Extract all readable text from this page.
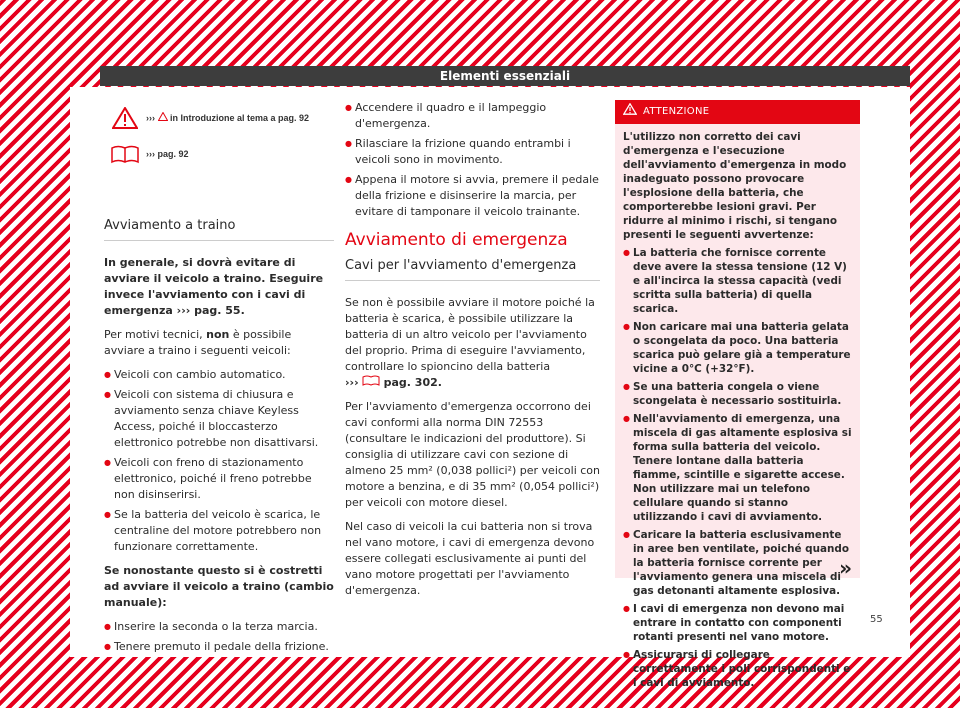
Elementi essenziali
›››

in Introduzione al tema a pag. 92
›››
pag. 92
Avviamento a traino

In generale, si dovrà evitare di avviare il veicolo a traino. Eseguire invece l'avviamento con i cavi di emergenza ››› pag. 55.

Per motivi tecnici, non è possibile avviare a traino i seguenti veicoli:

● Veicoli con cambio automatico.
● Veicoli con sistema di chiusura e avviamento senza chiave Keyless Access, poiché il bloccasterzo elettronico potrebbe non disattivarsi.
● Veicoli con freno di stazionamento elettronico, poiché il freno potrebbe non disinserirsi.
● Se la batteria del veicolo è scarica, le centraline del motore potrebbero non funzionare correttamente.

Se nonostante questo si è costretti ad avviare il veicolo a traino (cambio manuale):

● Inserire la seconda o la terza marcia.
● Tenere premuto il pedale della frizione.
● Accendere il quadro e il lampeggio d'emergenza.
● Rilasciare la frizione quando entrambi i veicoli sono in movimento.
● Appena il motore si avvia, premere il pedale della frizione e disinserire la marcia, per evitare di tamponare il veicolo trainante.
Avviamento di emergenza
Cavi per l'avviamento d'emergenza

Se non è possibile avviare il motore poiché la batteria è scarica, è possibile utilizzare la batteria di un altro veicolo per l'avviamento del proprio. Prima di eseguire l'avviamento, controllare lo spioncino della batteria
››› pag. 302.

Per l'avviamento d'emergenza occorrono dei cavi conformi alla norma DIN 72553 (consultare le indicazioni del produttore). Si consiglia di utilizzare cavi con sezione di almeno 25 mm² (0,038 pollici²) per veicoli con motore a benzina, e di 35 mm² (0,054 pollici²) per veicoli con motore diesel.

Nel caso di veicoli la cui batteria non si trova nel vano motore, i cavi di emergenza devono essere collegati esclusivamente ai punti del vano motore progettati per l'avviamento d'emergenza.

ATTENZIONE

L'utilizzo non corretto dei cavi d'emergenza e l'esecuzione dell'avviamento d'emergenza in modo inadeguato possono provocare l'esplosione della batteria, che comporterebbe lesioni gravi. Per ridurre al minimo i rischi, si tengano presenti le seguenti avvertenze:

● La batteria che fornisce corrente deve avere la stessa tensione (12 V) e all'incirca la stessa capacità (vedi scritta sulla batteria) di quella scarica.
● Non caricare mai una batteria gelata o scongelata da poco. Una batteria scarica può gelare già a temperature vicine a 0°C (+32°F).
● Se una batteria congela o viene scongelata è necessario sostituirla.
● Nell'avviamento di emergenza, una miscela di gas altamente esplosiva si forma sulla batteria del veicolo. Tenere lontane dalla batteria fiamme, scintille e sigarette accese. Non utilizzare mai un telefono cellulare quando si stanno utilizzando i cavi di avviamento.
● Caricare la batteria esclusivamente in aree ben ventilate, poiché quando la batteria fornisce corrente per l'avviamento genera una miscela di gas detonanti altamente esplosiva.
● I cavi di emergenza non devono mai entrare in contatto con componenti rotanti presenti nel vano motore.
● Assicurarsi di collegare correttamente i poli corrispondenti e i cavi di avviamento.
»
55
